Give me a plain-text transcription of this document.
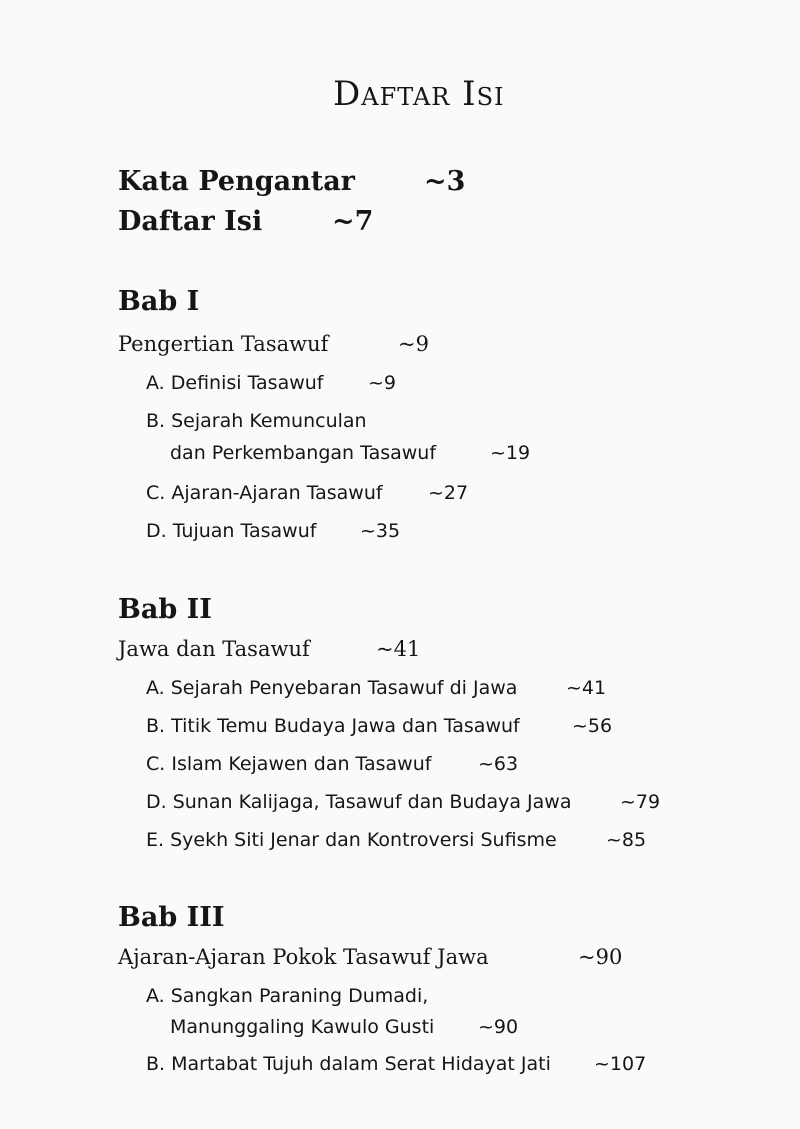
Daftar Isi
Kata Pengantar	~3
Daftar Isi	~7
Bab I
Pengertian Tasawuf	~9
A. Definisi Tasawuf ~9
B. Sejarah Kemunculan
dan Perkembangan Tasawuf	~19
C. Ajaran-Ajaran Tasawuf ~27
D. Tujuan Tasawuf ~35
Bab II
Jawa dan Tasawuf	~41
A. Sejarah Penyebaran Tasawuf di Jawa	~41
B. Titik Temu Budaya Jawa dan Tasawuf	~56
C. Islam Kejawen dan Tasawuf ~63
D. Sunan Kalijaga, Tasawuf dan Budaya Jawa	~79
E. Syekh Siti Jenar dan Kontroversi Sufisme	~85
Bab III
Ajaran-Ajaran Pokok Tasawuf Jawa	~90
A. Sangkan Paraning Dumadi,
Manunggaling Kawulo Gusti ~90
B. Martabat Tujuh dalam Serat Hidayat Jati ~107
